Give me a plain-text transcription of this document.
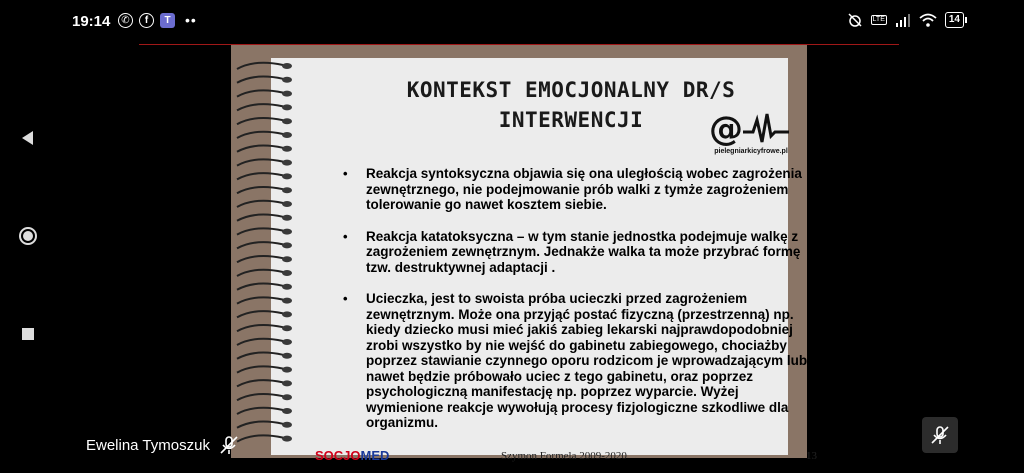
19:14	✆	f	T	••	LTE	14
KONTEKST EMOCJONALNY DR/S
INTERWENCJI	@
pielegniarkicyfrowe.pl
• Reakcja syntoksyczna objawia się ona uległością wobec zagrożenia zewnętrznego, nie podejmowanie prób walki z tymże zagrożeniem tolerowanie go nawet kosztem siebie.
• Reakcja katatoksyczna – w tym stanie jednostka podejmuje walkę z zagrożeniem zewnętrznym. Jednakże walka ta może przybrać formę tzw. destruktywnej adaptacji .
• Ucieczka, jest to swoista próba ucieczki przed zagrożeniem zewnętrznym. Może ona przyjąć postać fizyczną (przestrzenną) np. kiedy dziecko musi mieć jakiś zabieg lekarski najprawdopodobniej zrobi wszystko by nie wejść do gabinetu zabiegowego, chociażby poprzez stawianie czynnego oporu rodzicom je wprowadzającym lub nawet będzie próbowało uciec z tego gabinetu, oraz poprzez psychologiczną manifestację np. poprzez wyparcie. Wyżej wymienione reakcje wywołują procesy fizjologiczne szkodliwe dla organizmu.
SOCJOMED	Szymon Formela 2009-2020	13
Ewelina Tymoszuk
